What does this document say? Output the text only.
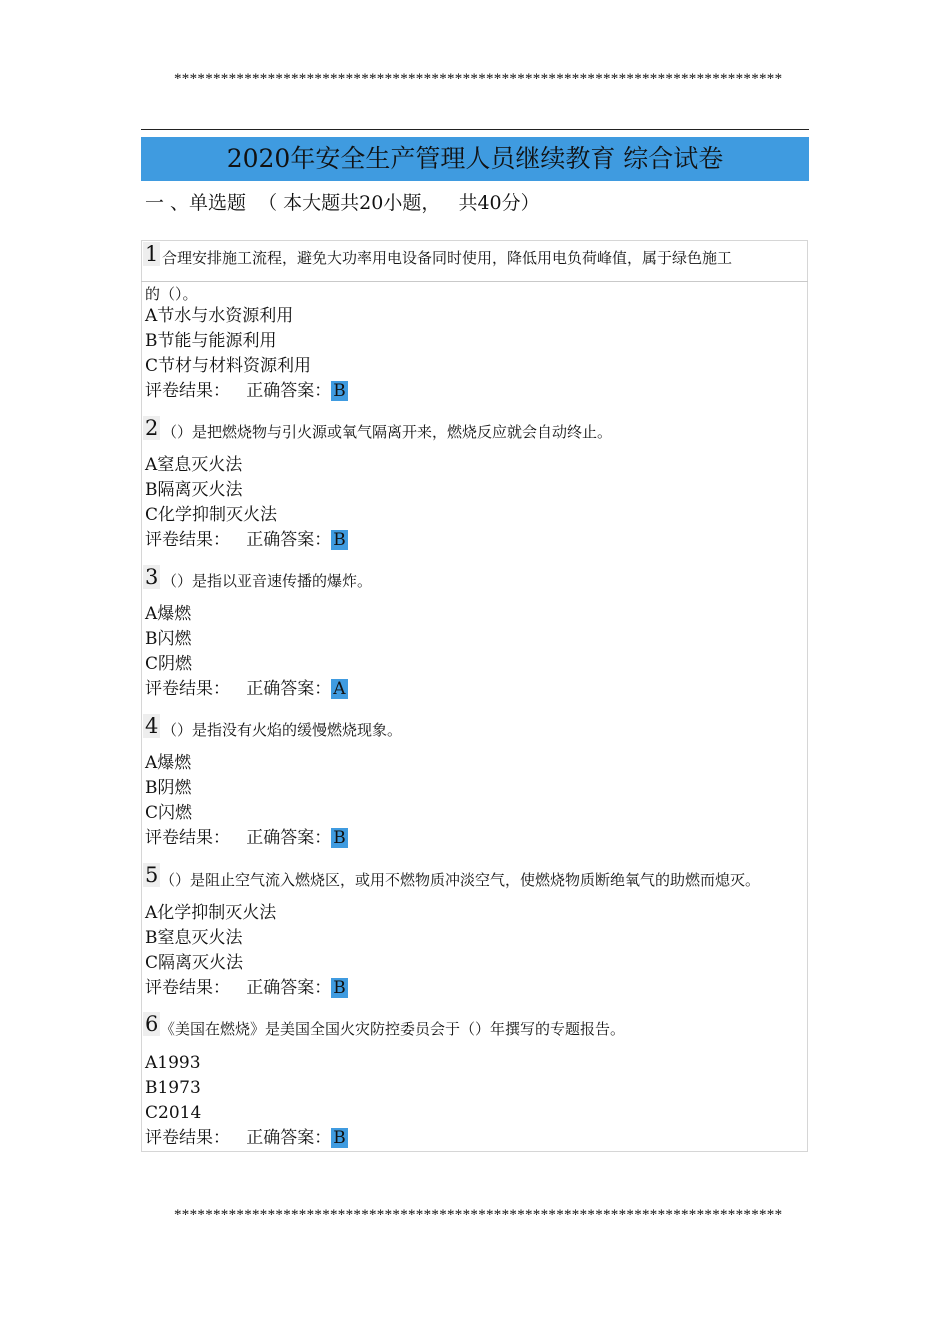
******************************************************************************
2020年安全生产管理人员继续教育 综合试卷
一 、单选题  （ 本大题共20小题，   共40分）
1 合理安排施工流程，避免大功率用电设备同时使用，降低用电负荷峰值，属于绿色施工
的（）。
A节水与水资源利用
B节能与能源利用
C节材与材料资源利用
评卷结果： 正确答案： B
2 （）是把燃烧物与引火源或氧气隔离开来，燃烧反应就会自动终止。
A窒息灭火法
B隔离灭火法
C化学抑制灭火法
评卷结果： 正确答案： B
3 （）是指以亚音速传播的爆炸。
A爆燃
B闪燃
C阴燃
评卷结果： 正确答案： A
4 （）是指没有火焰的缓慢燃烧现象。
A爆燃
B阴燃
C闪燃
评卷结果： 正确答案： B
5 （）是阻止空气流入燃烧区，或用不燃物质冲淡空气，使燃烧物质断绝氧气的助燃而熄灭。
A化学抑制灭火法
B窒息灭火法
C隔离灭火法
评卷结果： 正确答案： B
6 《美国在燃烧》是美国全国火灾防控委员会于（）年撰写的专题报告。
A1993
B1973
C2014
评卷结果： 正确答案： B
******************************************************************************
